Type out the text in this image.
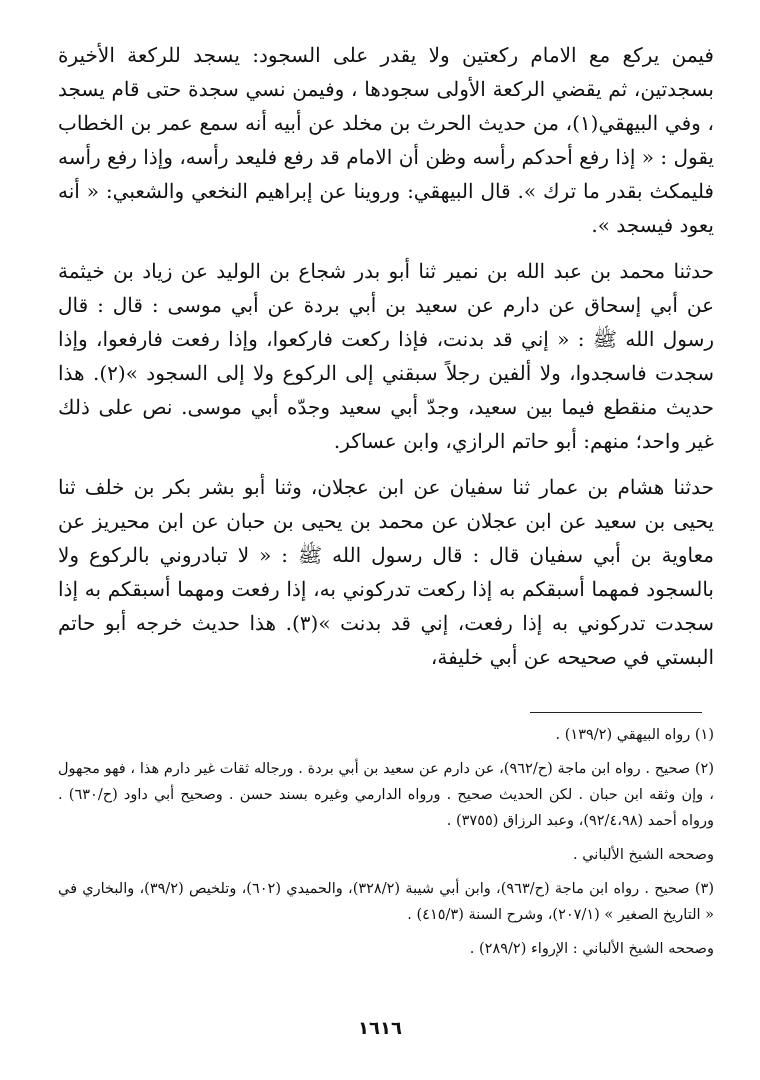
فيمن يركع مع الامام ركعتين ولا يقدر على السجود: يسجد للركعة الأخيرة بسجدتين، ثم يقضي الركعة الأولى سجودها ، وفيمن نسي سجدة حتى قام يسجد ، وفي البيهقي(١)، من حديث الحرث بن مخلد عن أبيه أنه سمع عمر بن الخطاب يقول : « إذا رفع أحدكم رأسه وظن أن الامام قد رفع فليعد رأسه، وإذا رفع رأسه فليمكث بقدر ما ترك ». قال البيهقي: وروينا عن إبراهيم النخعي والشعبي: « أنه يعود فيسجد ».

حدثنا محمد بن عبد الله بن نمير ثنا أبو بدر شجاع بن الوليد عن زياد بن خيثمة عن أبي إسحاق عن دارم عن سعيد بن أبي بردة عن أبي موسى : قال : قال رسول الله ﷺ : « إني قد بدنت، فإذا ركعت فاركعوا، وإذا رفعت فارفعوا، وإذا سجدت فاسجدوا، ولا ألفين رجلاً سبقني إلى الركوع ولا إلى السجود »(٢). هذا حديث منقطع فيما بين سعيد، وجدّ أبي سعيد وجدّه أبي موسى. نص على ذلك غير واحد؛ منهم: أبو حاتم الرازي، وابن عساكر.

حدثنا هشام بن عمار ثنا سفيان عن ابن عجلان، وثنا أبو بشر بكر بن خلف ثنا يحيى بن سعيد عن ابن عجلان عن محمد بن يحيى بن حبان عن ابن محيريز عن معاوية بن أبي سفيان قال : قال رسول الله ﷺ : « لا تبادروني بالركوع ولا بالسجود فمهما أسبقكم به إذا ركعت تدركوني به، إذا رفعت ومهما أسبقكم به إذا سجدت تدركوني به إذا رفعت، إني قد بدنت »(٣). هذا حديث خرجه أبو حاتم البستي في صحيحه عن أبي خليفة،

(١) رواه البيهقي (١٣٩/٢) .

(٢) صحيح . رواه ابن ماجة (ح/٩٦٢)، عن دارم عن سعيد بن أبي بردة . ورجاله ثقات غير دارم هذا ، فهو مجهول ، وإن وثقه ابن حبان . لكن الحديث صحيح . ورواه الدارمي وغيره بسند حسن . وصحيح أبي داود (ح/٦٣٠) . ورواه أحمد (٩٢/٤،٩٨)، وعبد الرزاق (٣٧٥٥) .

وصححه الشيخ الألباني .

(٣) صحيح . رواه ابن ماجة (ح/٩٦٣)، وابن أبي شيبة (٣٢٨/٢)، والحميدي (٦٠٢)، وتلخيص (٣٩/٢)، والبخاري في « التاريخ الصغير » (٢٠٧/١)، وشرح السنة (٤١٥/٣) .

وصححه الشيخ الألباني : الإرواء (٢٨٩/٢) .

١٦١٦
